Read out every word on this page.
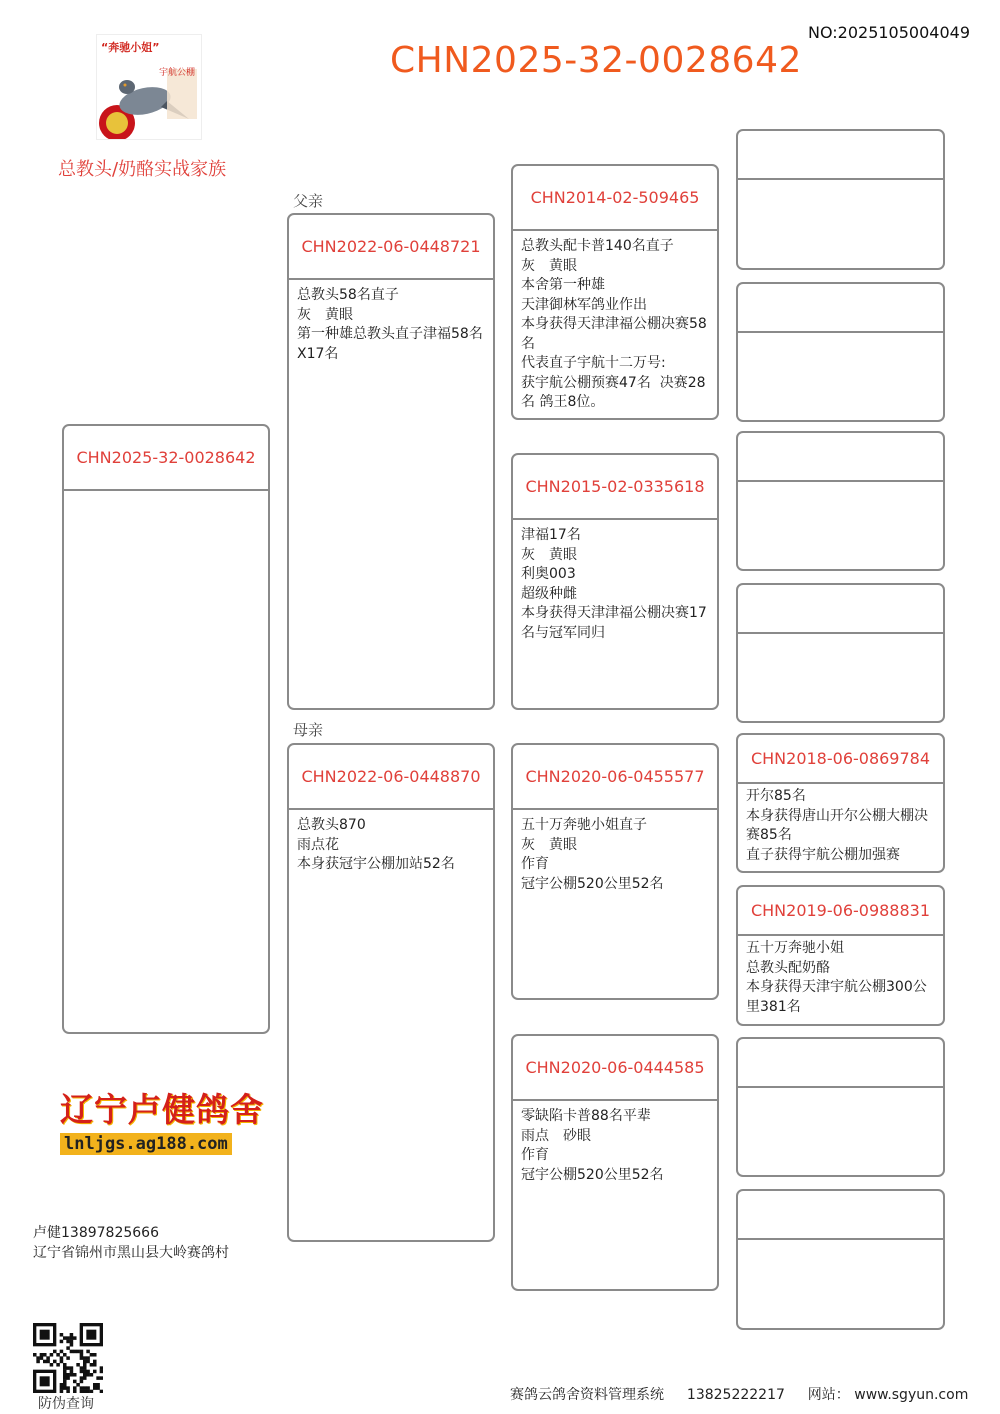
NO:2025105004049
CHN2025-32-0028642
“奔驰小姐”
宇航公棚
总教头/奶酪实战家族
父亲
母亲
CHN2025-32-0028642
CHN2022-06-0448721
总教头58名直子
灰　黄眼
第一种雄总教头直子津福58名X17名
CHN2022-06-0448870
总教头870
雨点花
本身获冠宇公棚加站52名
CHN2014-02-509465
总教头配卡普140名直子
灰　黄眼
本舍第一种雄
天津御林军鸽业作出
本身获得天津津福公棚决赛58名
代表直子宇航十二万号:
获宇航公棚预赛47名  决赛28名 鸽王8位。
CHN2015-02-0335618
津福17名
灰　黄眼
利奥003
超级种雌
本身获得天津津福公棚决赛17名与冠军同归
CHN2020-06-0455577
五十万奔驰小姐直子
灰　黄眼
作育
冠宇公棚520公里52名
CHN2020-06-0444585
零缺陷卡普88名平辈
雨点　砂眼
作育
冠宇公棚520公里52名
CHN2018-06-0869784
开尔85名
本身获得唐山开尔公棚大棚决赛85名
直子获得宇航公棚加强赛
CHN2019-06-0988831
五十万奔驰小姐
总教头配奶酪
本身获得天津宇航公棚300公里381名
辽宁卢健鸽舍
lnljgs.ag188.com
卢健13897825666
辽宁省锦州市黑山县大岭赛鸽村
防伪查询
赛鸽云鸽舍资料管理系统 13825222217 网站： www.sgyun.com
